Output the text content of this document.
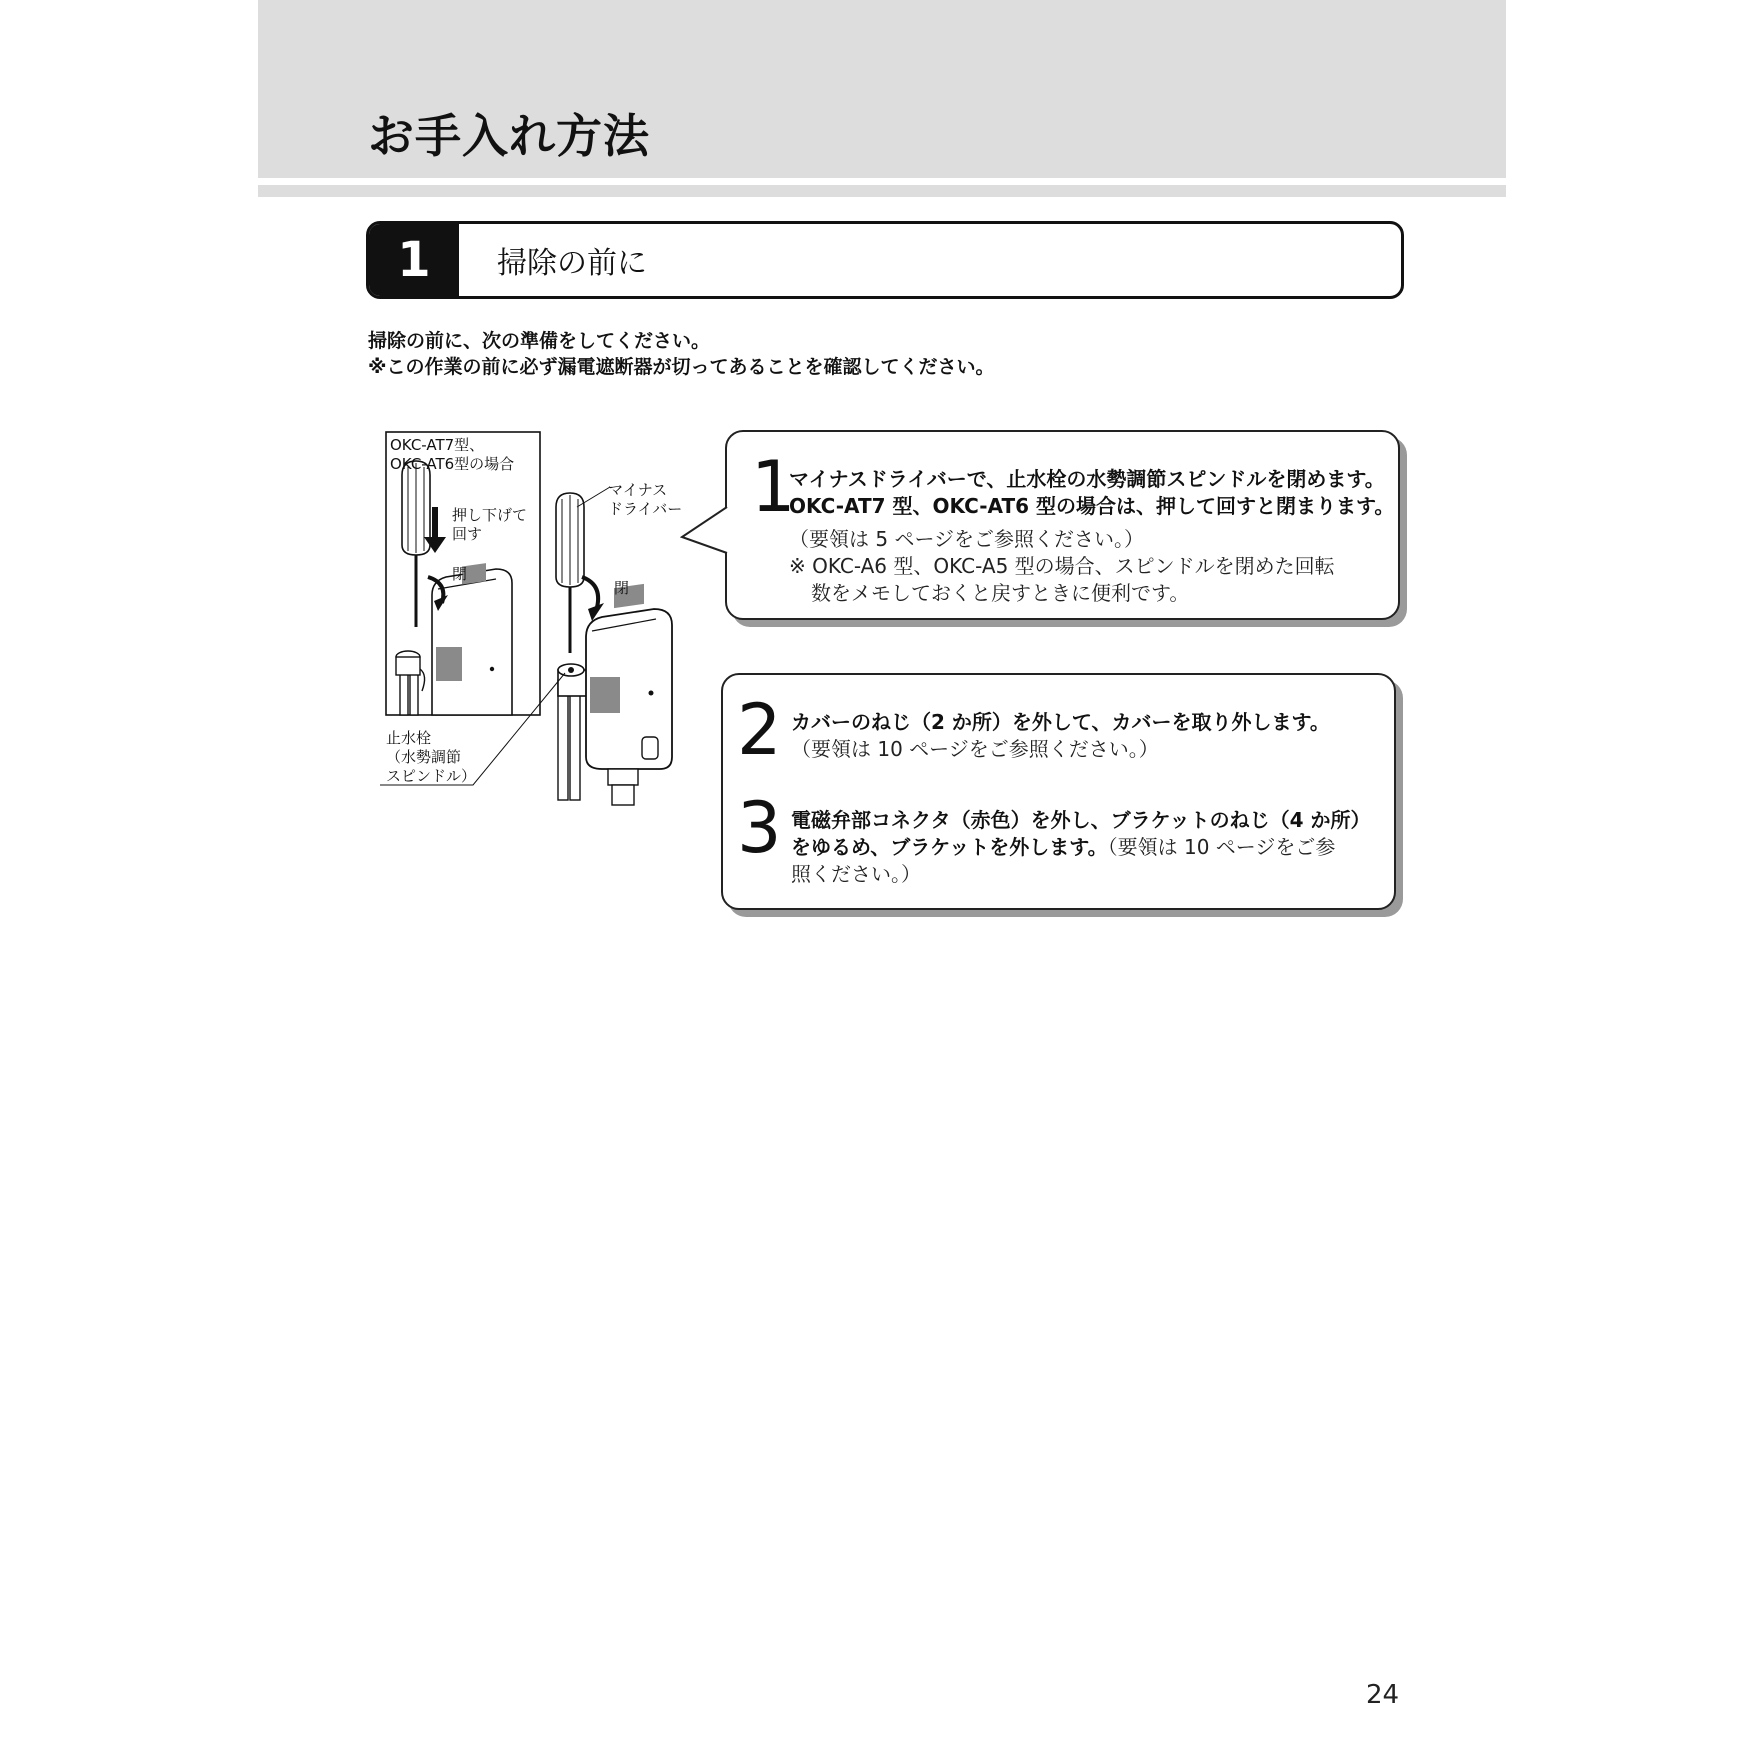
お手入れ方法
1	掃除の前に
掃除の前に、次の準備をしてください。
※この作業の前に必ず漏電遮断器が切ってあることを確認してください。
OKC-AT7型、
OKC-AT6型の場合
押し下げて
回す
閉
閉
マイナス
ドライバー
止水栓
（水勢調節
スピンドル）
1
マイナスドライバーで、止水栓の水勢調節スピンドルを閉めます。
OKC-AT7 型、OKC-AT6 型の場合は、押して回すと閉まります。
（要領は 5 ページをご参照ください。）
※ OKC-A6 型、OKC-A5 型の場合、スピンドルを閉めた回転
数をメモしておくと戻すときに便利です。
2 カバーのねじ（2 か所）を外して、カバーを取り外します。
（要領は 10 ページをご参照ください。）
3 電磁弁部コネクタ（赤色）を外し、ブラケットのねじ（4 か所）
をゆるめ、ブラケットを外します。（要領は 10 ページをご参
照ください。）
24
